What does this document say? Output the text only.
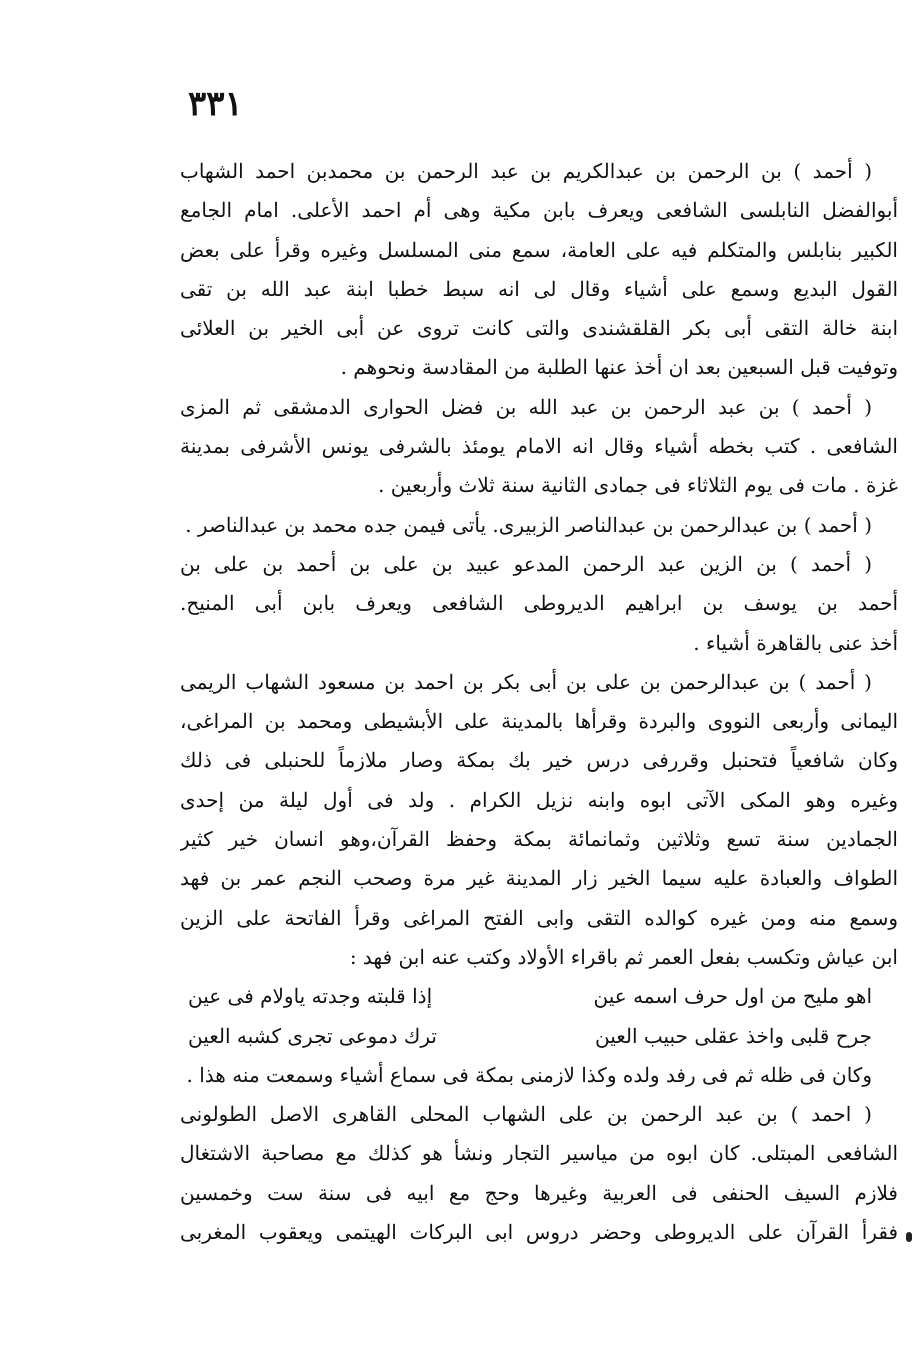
٣٣١
( أحمد ) بن الرحمن بن عبدالكريم بن عبد الرحمن بن محمدبن احمد الشهاب
أبوالفضل النابلسى الشافعى ويعرف بابن مكية وهى أم احمد الأعلى. امام الجامع
الكبير بنابلس والمتكلم فيه على العامة، سمع منى المسلسل وغيره وقرأ على بعض
القول البديع وسمع على أشياء وقال لى انه سبط خطبا ابنة عبد الله بن تقى
ابنة خالة التقى أبى بكر القلقشندى والتى كانت تروى عن أبى الخير بن العلائى
وتوفيت قبل السبعين بعد ان أخذ عنها الطلبة من المقادسة ونحوهم .
( أحمد ) بن عبد الرحمن بن عبد الله بن فضل الحوارى الدمشقى ثم المزى
الشافعى . كتب بخطه أشياء وقال انه الامام يومئذ بالشرفى يونس الأشرفى بمدينة
غزة . مات فى يوم الثلاثاء فى جمادى الثانية سنة ثلاث وأربعين .
( أحمد ) بن عبدالرحمن بن عبدالناصر الزبيرى. يأتى فيمن جده محمد بن عبدالناصر .
( أحمد ) بن الزين عبد الرحمن المدعو عبيد بن على بن أحمد بن على بن
أحمد بن يوسف بن ابراهيم الديروطى الشافعى ويعرف بابن أبى المنيح.
أخذ عنى بالقاهرة أشياء .
( أحمد ) بن عبدالرحمن بن على بن أبى بكر بن احمد بن مسعود الشهاب الريمى
اليمانى وأربعى النووى والبردة وقرأها بالمدينة على الأبشيطى ومحمد بن المراغى،
وكان شافعياً فتحنبل وقررفى درس خير بك بمكة وصار ملازماً للحنبلى فى ذلك
وغيره وهو المكى الآتى ابوه وابنه نزيل الكرام . ولد فى أول ليلة من إحدى
الجمادين سنة تسع وثلاثين وثمانمائة بمكة وحفظ القرآن،وهو انسان خير كثير
الطواف والعبادة عليه سيما الخير زار المدينة غير مرة وصحب النجم عمر بن فهد
وسمع منه ومن غيره كوالده التقى وابى الفتح المراغى وقرأ الفاتحة على الزين
ابن عياش وتكسب بفعل العمر ثم باقراء الأولاد وكتب عنه ابن فهد :
اهو مليح من اول حرف اسمه عين
إذا قلبته وجدته ياولام فى عين
جرح قلبى واخذ عقلى حبيب العين
ترك دموعى تجرى كشبه العين
وكان فى ظله ثم فى رفد ولده وكذا لازمنى بمكة فى سماع أشياء وسمعت منه هذا .
( احمد ) بن عبد الرحمن بن على الشهاب المحلى القاهرى الاصل الطولونى
الشافعى المبتلى. كان ابوه من مياسير التجار ونشأ هو كذلك مع مصاحبة الاشتغال
فلازم السيف الحنفى فى العربية وغيرها وحج مع ابيه فى سنة ست وخمسين
فقرأ القرآن على الديروطى وحضر دروس ابى البركات الهيتمى ويعقوب المغربى
